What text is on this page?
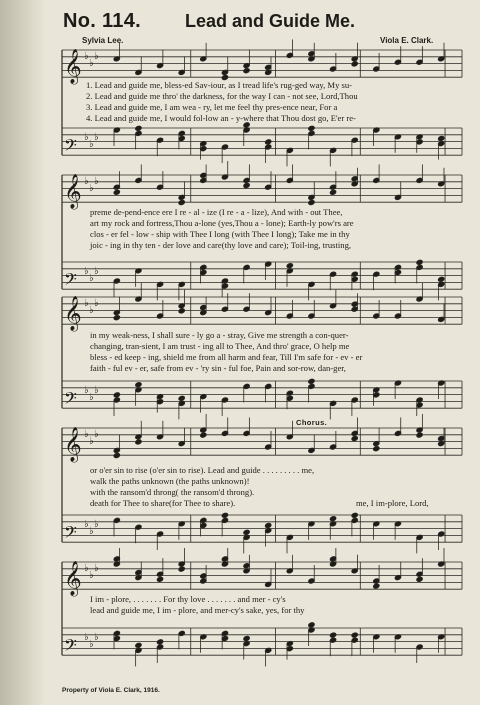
No. 114. Lead and Guide Me.
Sylvia Lee.	Viola E. Clark.
𝄞 ♭
♭
♭
𝄢 ♭
♭
♭
𝄞 ♭
♭
♭
𝄢 ♭
♭
♭
𝄞 ♭
♭
♭
𝄢 ♭
♭
♭
𝄞 ♭
♭
♭
𝄢 ♭
♭
♭
𝄞 ♭
♭
♭
𝄢 ♭
♭
♭
1. Lead and guide me, bless-ed Sav-iour, as I tread life's rug-ged way, My su-
2. Lead and guide me thro' the darkness, for the way I can - not see, Lord,Thou
3. Lead and guide me, I am wea - ry, let me feel thy pres-ence near, For a
4. Lead and guide me, I would fol-low an - y-where that Thou dost go, E'er re-
preme de-pend-ence ere I re - al - ize (I re - a - lize), And with - out Thee,
art my rock and fortress,Thou a-lone (yes,Thou a - lone); Earth-ly pow'rs are
clos - er fel - low - ship with Thee I long (with Thee I long); Take me in thy
joic - ing in thy ten - der love and care(thy love and care); Toil-ing, trusting,
in my weak-ness, I shall sure - ly go a - stray, Give me strength a con-quer-
changing, tran-sient, I am trust - ing all to Thee, And thro' grace, O help me
bless - ed keep - ing, shield me from all harm and fear, Till I'm safe for - ev - er
faith - ful ev - er, safe from ev - 'ry sin - ful foe, Pain and sor-row, dan-ger,
Chorus.
or o'er sin to rise (o'er sin to rise). Lead and guide . . . . . . . . . me,
walk the paths unknown (the paths unknown)!
with the ransom'd throng( the ransom'd throng).
death for Thee to share(for Thee to share).	me, I im-plore, Lord,
I im - plore, . . . . . . . For thy love . . . . . . . and mer - cy's
lead and guide me, I im - plore, and mer-cy's sake, yes, for thy
Property of Viola E. Clark, 1916.
